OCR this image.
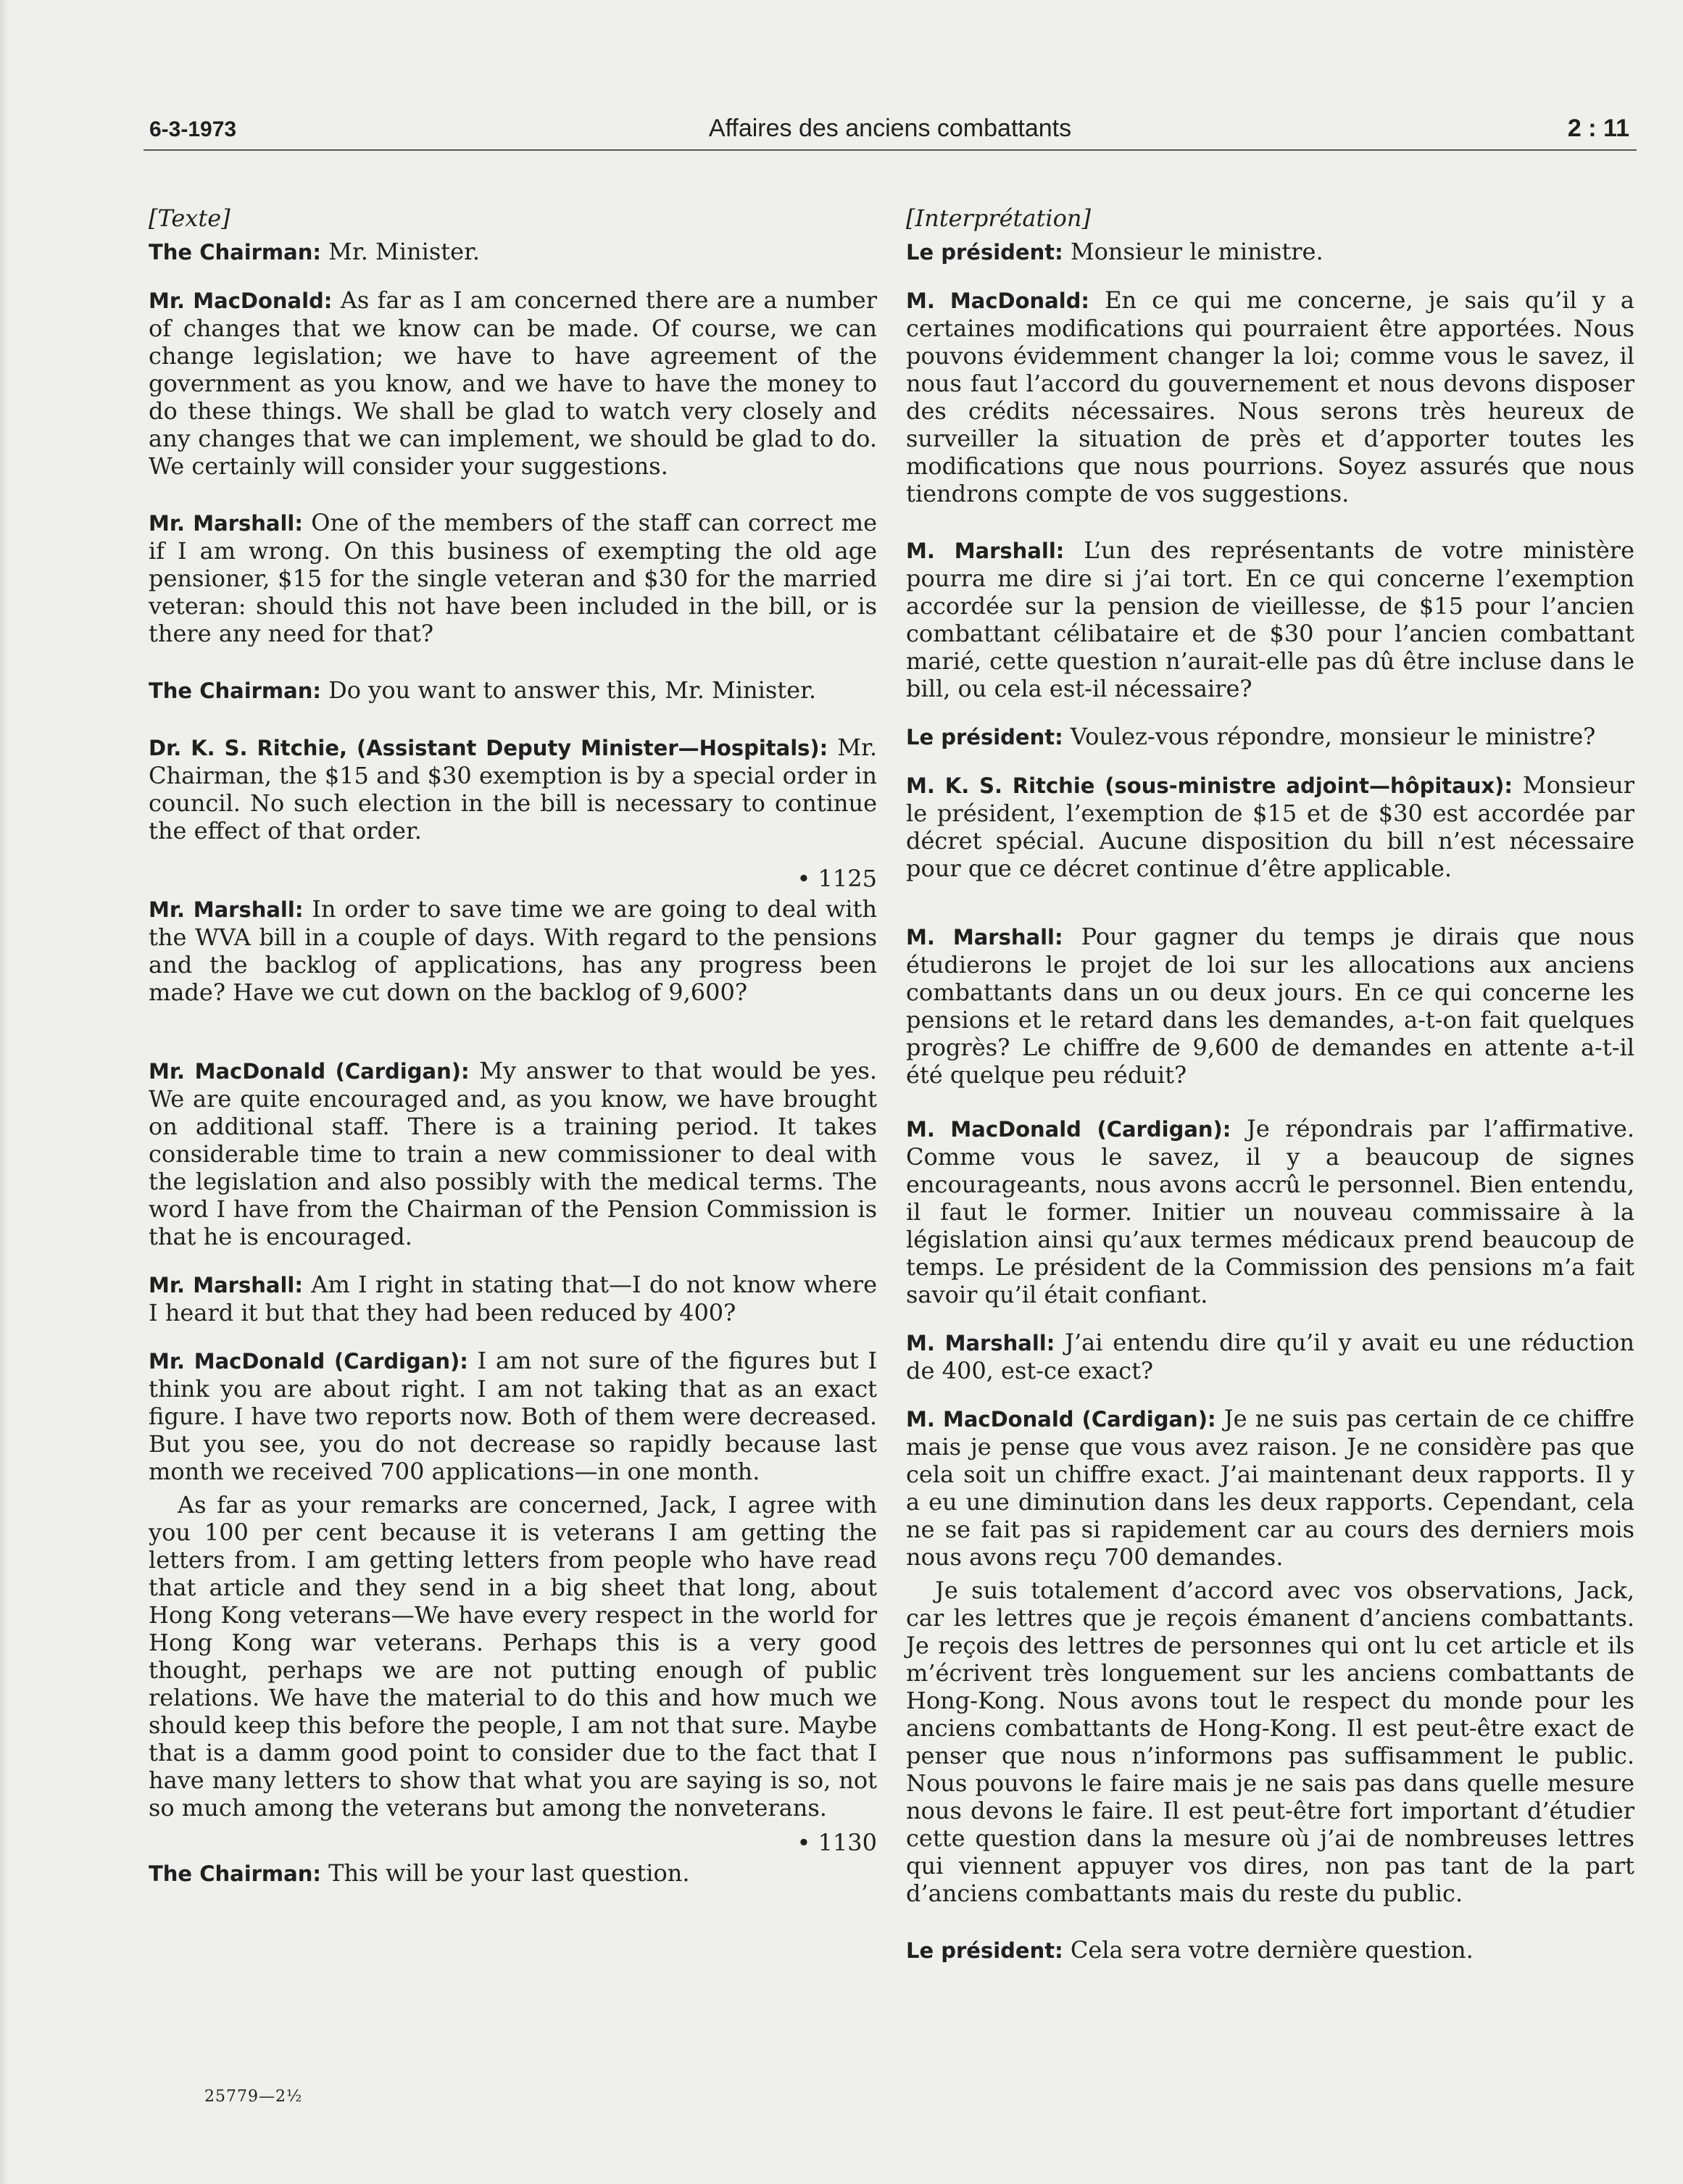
6-3-1973	Affaires des anciens combattants	2 : 11
[Texte]

The Chairman: Mr. Minister.

Mr. MacDonald: As far as I am concerned there are a number of changes that we know can be made. Of course, we can change legislation; we have to have agreement of the government as you know, and we have to have the money to do these things. We shall be glad to watch very closely and any changes that we can implement, we should be glad to do. We certainly will consider your suggestions.

Mr. Marshall: One of the members of the staff can correct me if I am wrong. On this business of exempting the old age pensioner, $15 for the single veteran and $30 for the married veteran: should this not have been included in the bill, or is there any need for that?

The Chairman: Do you want to answer this, Mr. Minister.

Dr. K. S. Ritchie, (Assistant Deputy Minister—Hospitals): Mr. Chairman, the $15 and $30 exemption is by a special order in council. No such election in the bill is necessary to continue the effect of that order.

• 1125

Mr. Marshall: In order to save time we are going to deal with the WVA bill in a couple of days. With regard to the pensions and the backlog of applications, has any progress been made? Have we cut down on the backlog of 9,600?

Mr. MacDonald (Cardigan): My answer to that would be yes. We are quite encouraged and, as you know, we have brought on additional staff. There is a training period. It takes considerable time to train a new commissioner to deal with the legislation and also possibly with the medical terms. The word I have from the Chairman of the Pension Commission is that he is encouraged.

Mr. Marshall: Am I right in stating that—I do not know where I heard it but that they had been reduced by 400?

Mr. MacDonald (Cardigan): I am not sure of the figures but I think you are about right. I am not taking that as an exact figure. I have two reports now. Both of them were decreased. But you see, you do not decrease so rapidly because last month we received 700 applications—in one month.

As far as your remarks are concerned, Jack, I agree with you 100 per cent because it is veterans I am getting the letters from. I am getting letters from people who have read that article and they send in a big sheet that long, about Hong Kong veterans—We have every respect in the world for Hong Kong war veterans. Perhaps this is a very good thought, perhaps we are not putting enough of public relations. We have the material to do this and how much we should keep this before the people, I am not that sure. Maybe that is a damm good point to consider due to the fact that I have many letters to show that what you are saying is so, not so much among the veterans but among the nonveterans.

• 1130

The Chairman: This will be your last question.

[Interprétation]

Le président: Monsieur le ministre.

M. MacDonald: En ce qui me concerne, je sais qu’il y a certaines modifications qui pourraient être apportées. Nous pouvons évidemment changer la loi; comme vous le savez, il nous faut l’accord du gouvernement et nous devons disposer des crédits nécessaires. Nous serons très heureux de surveiller la situation de près et d’apporter toutes les modifications que nous pourrions. Soyez assurés que nous tiendrons compte de vos suggestions.

M. Marshall: L’un des représentants de votre ministère pourra me dire si j’ai tort. En ce qui concerne l’exemption accordée sur la pension de vieillesse, de $15 pour l’ancien combattant célibataire et de $30 pour l’ancien combattant marié, cette question n’aurait-elle pas dû être incluse dans le bill, ou cela est-il nécessaire?

Le président: Voulez-vous répondre, monsieur le ministre?

M. K. S. Ritchie (sous-ministre adjoint—hôpitaux): Monsieur le président, l’exemption de $15 et de $30 est accordée par décret spécial. Aucune disposition du bill n’est nécessaire pour que ce décret continue d’être applicable.

M. Marshall: Pour gagner du temps je dirais que nous étudierons le projet de loi sur les allocations aux anciens combattants dans un ou deux jours. En ce qui concerne les pensions et le retard dans les demandes, a-t-on fait quelques progrès? Le chiffre de 9,600 de demandes en attente a-t-il été quelque peu réduit?

M. MacDonald (Cardigan): Je répondrais par l’affirmative. Comme vous le savez, il y a beaucoup de signes encourageants, nous avons accrû le personnel. Bien entendu, il faut le former. Initier un nouveau commissaire à la législation ainsi qu’aux termes médicaux prend beaucoup de temps. Le président de la Commission des pensions m’a fait savoir qu’il était confiant.

M. Marshall: J’ai entendu dire qu’il y avait eu une réduction de 400, est-ce exact?

M. MacDonald (Cardigan): Je ne suis pas certain de ce chiffre mais je pense que vous avez raison. Je ne considère pas que cela soit un chiffre exact. J’ai maintenant deux rapports. Il y a eu une diminution dans les deux rapports. Cependant, cela ne se fait pas si rapidement car au cours des derniers mois nous avons reçu 700 demandes.

Je suis totalement d’accord avec vos observations, Jack, car les lettres que je reçois émanent d’anciens combattants. Je reçois des lettres de personnes qui ont lu cet article et ils m’écrivent très longuement sur les anciens combattants de Hong-Kong. Nous avons tout le respect du monde pour les anciens combattants de Hong-Kong. Il est peut-être exact de penser que nous n’informons pas suffisamment le public. Nous pouvons le faire mais je ne sais pas dans quelle mesure nous devons le faire. Il est peut-être fort important d’étudier cette question dans la mesure où j’ai de nombreuses lettres qui viennent appuyer vos dires, non pas tant de la part d’anciens combattants mais du reste du public.

Le président: Cela sera votre dernière question.

25779—2½
